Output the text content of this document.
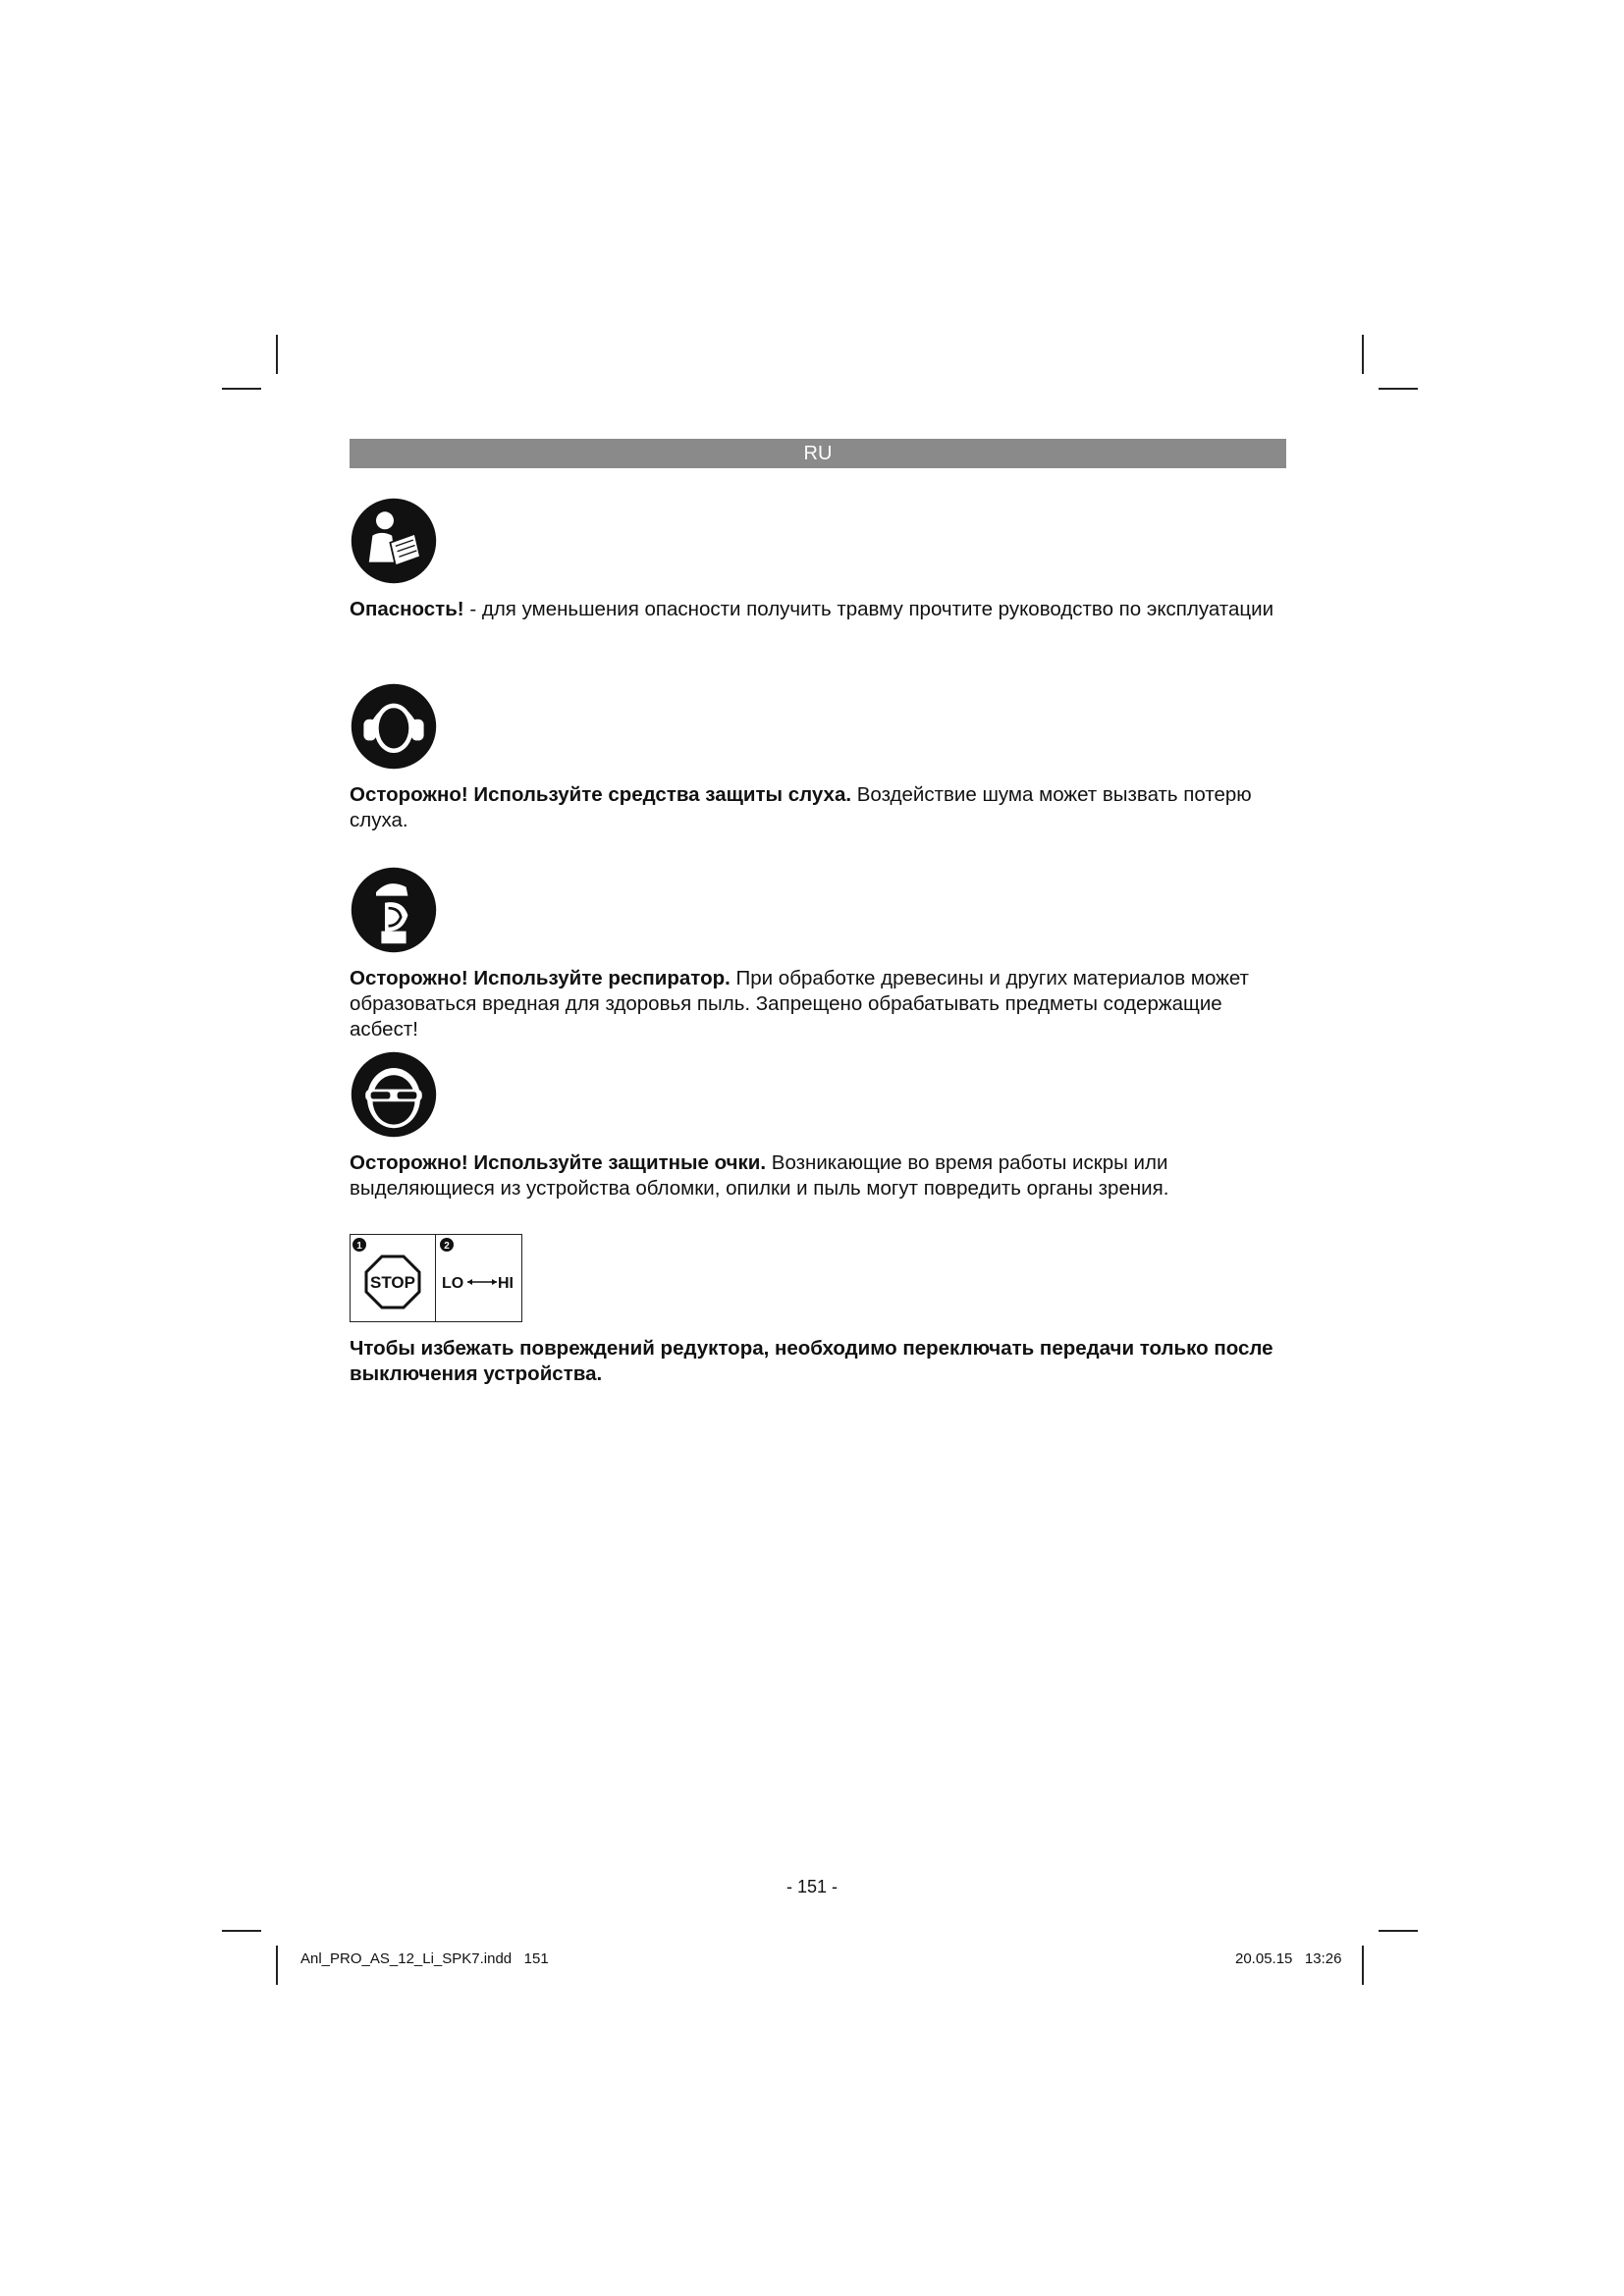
RU
Опасность! - для уменьшения опасности получить травму прочтите руководство по эксплуатации
Осторожно! Используйте средства защиты слуха. Воздействие шума может вызвать потерю слуха.
Осторожно! Используйте респиратор. При обработке древесины и других материалов может образоваться вредная для здоровья пыль. Запрещено обрабатывать предметы содержащие асбест!
Осторожно! Используйте защитные очки. Возникающие во время работы искры или выделяющиеся из устройства обломки, опилки и пыль могут повредить органы зрения.
1
STOP
2
LO HI
Чтобы избежать повреждений редуктора, необходимо переключать передачи только после выключения устройства.
- 151 -
Anl_PRO_AS_12_Li_SPK7.indd   151	20.05.15   13:26
